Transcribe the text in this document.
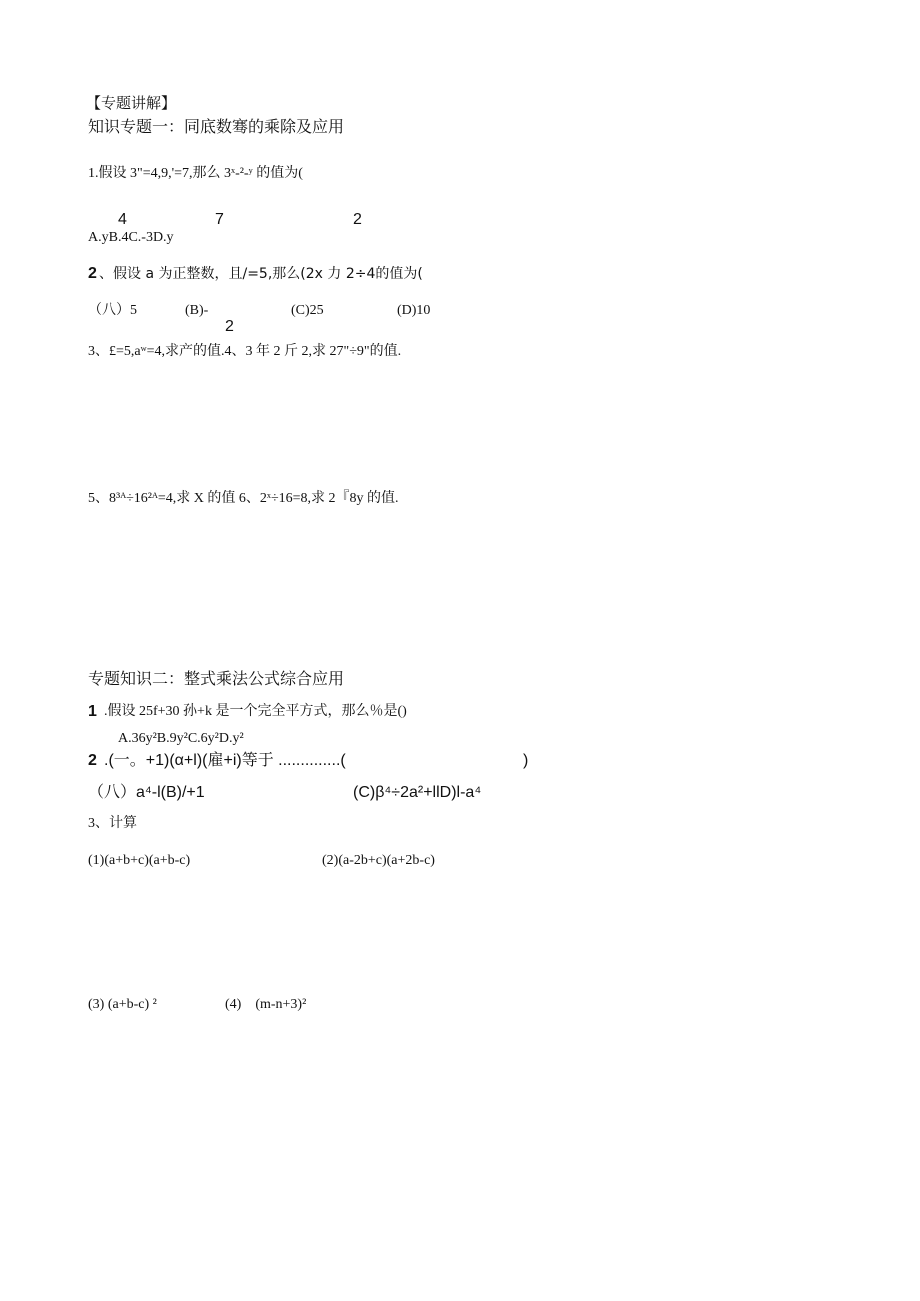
【专题讲解】
知识专题一：同底数骞的乘除及应用
1.假设 3"=4,9,'=7,那么 3ˣ-²-ʸ 的值为(
4	7	2
A.yB.4C.-3D.y
2 、假设 a 为正整数，且/=5,那么(2x 力 2÷4的值为(
（八）5	(B)-	(C)25	(D)10
2
3、£=5,aʷ=4,求产的值.4、3 年 2 斤 2,求 27"÷9"的值.
5、8³ᴬ÷16²ᴬ=4,求 X 的值 6、2ˣ÷16=8,求 2『8y 的值.
专题知识二：整式乘法公式综合应用
1 .假设 25f+30 孙+k 是一个完全平方式，那么％是()
A.36y²B.9y²C.6y²D.y²
2 .(一。+1)(α+l)(雇+i)等于 ..............(	)
（八）a⁴-l(B)/+1	(C)β⁴÷2a²+llD)l-a⁴
3、计算
(1)(a+b+c)(a+b-c)	(2)(a-2b+c)(a+2b-c)
(3) (a+b-c) ²	(4)    (m-n+3)²
